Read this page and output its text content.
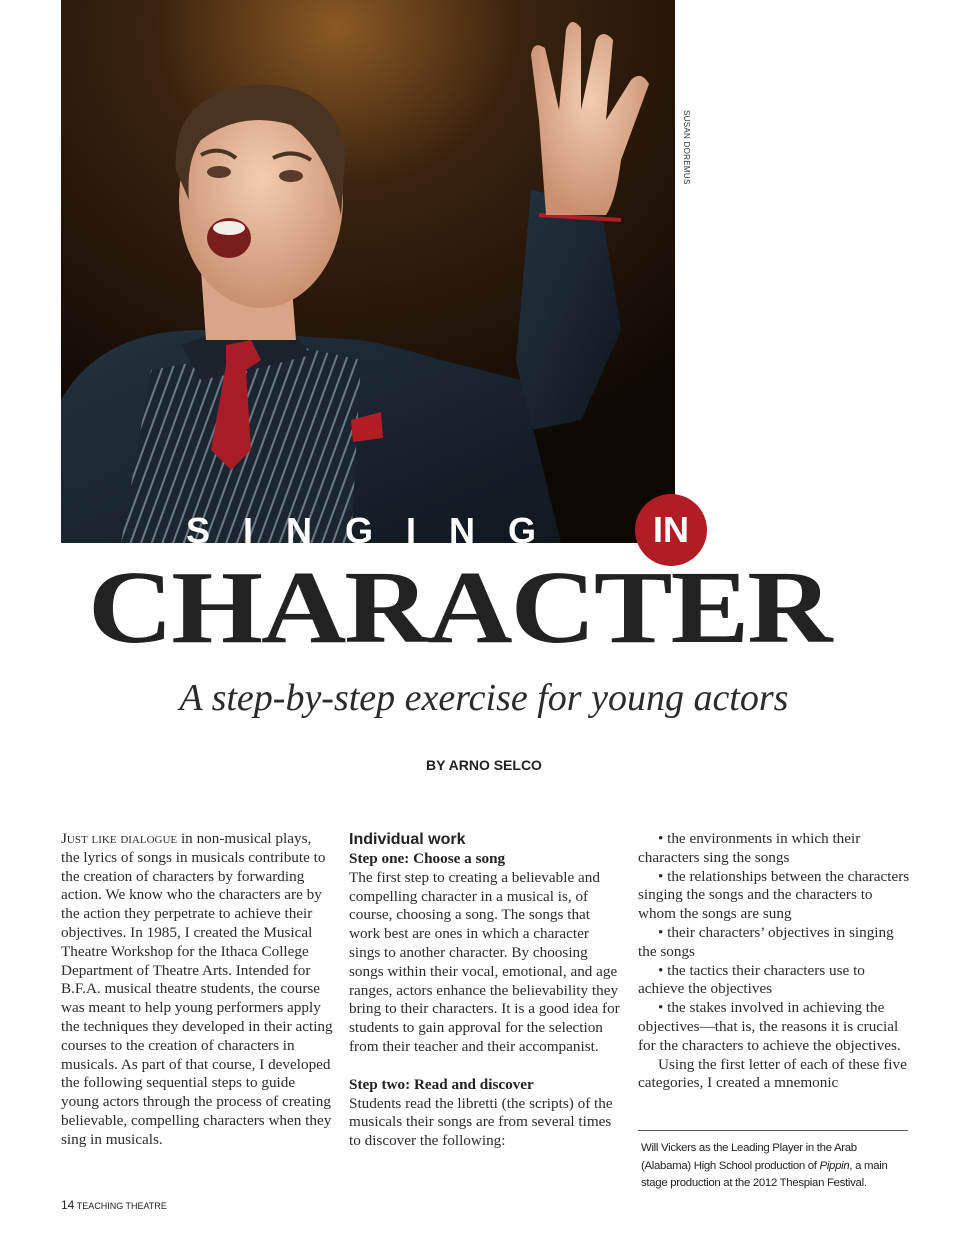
SUSAN DOREMUS
SINGING	IN
CHARACTER
A step-by-step exercise for young actors
BY ARNO SELCO

Just like dialogue in non-musical plays, the lyrics of songs in musicals contribute to the creation of characters by forwarding action. We know who the characters are by the action they perpetrate to achieve their objectives. In 1985, I created the Musical Theatre Workshop for the Ithaca College Department of Theatre Arts. Intended for B.F.A. musical theatre students, the course was meant to help young performers apply the techniques they developed in their acting courses to the creation of characters in musicals. As part of that course, I developed the following sequential steps to guide young actors through the process of creating believable, compelling characters when they sing in musicals.

Individual work
Step one: Choose a song

The first step to creating a believable and compelling character in a musical is, of course, choosing a song. The songs that work best are ones in which a character sings to another character. By choosing songs within their vocal, emotional, and age ranges, actors enhance the believability they bring to their characters. It is a good idea for students to gain approval for the selection from their teacher and their accompanist.

Step two: Read and discover

Students read the libretti (the scripts) of the musicals their songs are from several times to discover the following:

• the environments in which their characters sing the songs

• the relationships between the characters singing the songs and the characters to whom the songs are sung

• their characters’ objectives in singing the songs

• the tactics their characters use to achieve the objectives

• the stakes involved in achieving the objectives—that is, the reasons it is crucial for the characters to achieve the objectives.

Using the first letter of each of these five categories, I created a mnemonic

Will Vickers as the Leading Player in the Arab (Alabama) High School production of Pippin, a main stage production at the 2012 Thespian Festival.
14 TEACHING THEATRE
